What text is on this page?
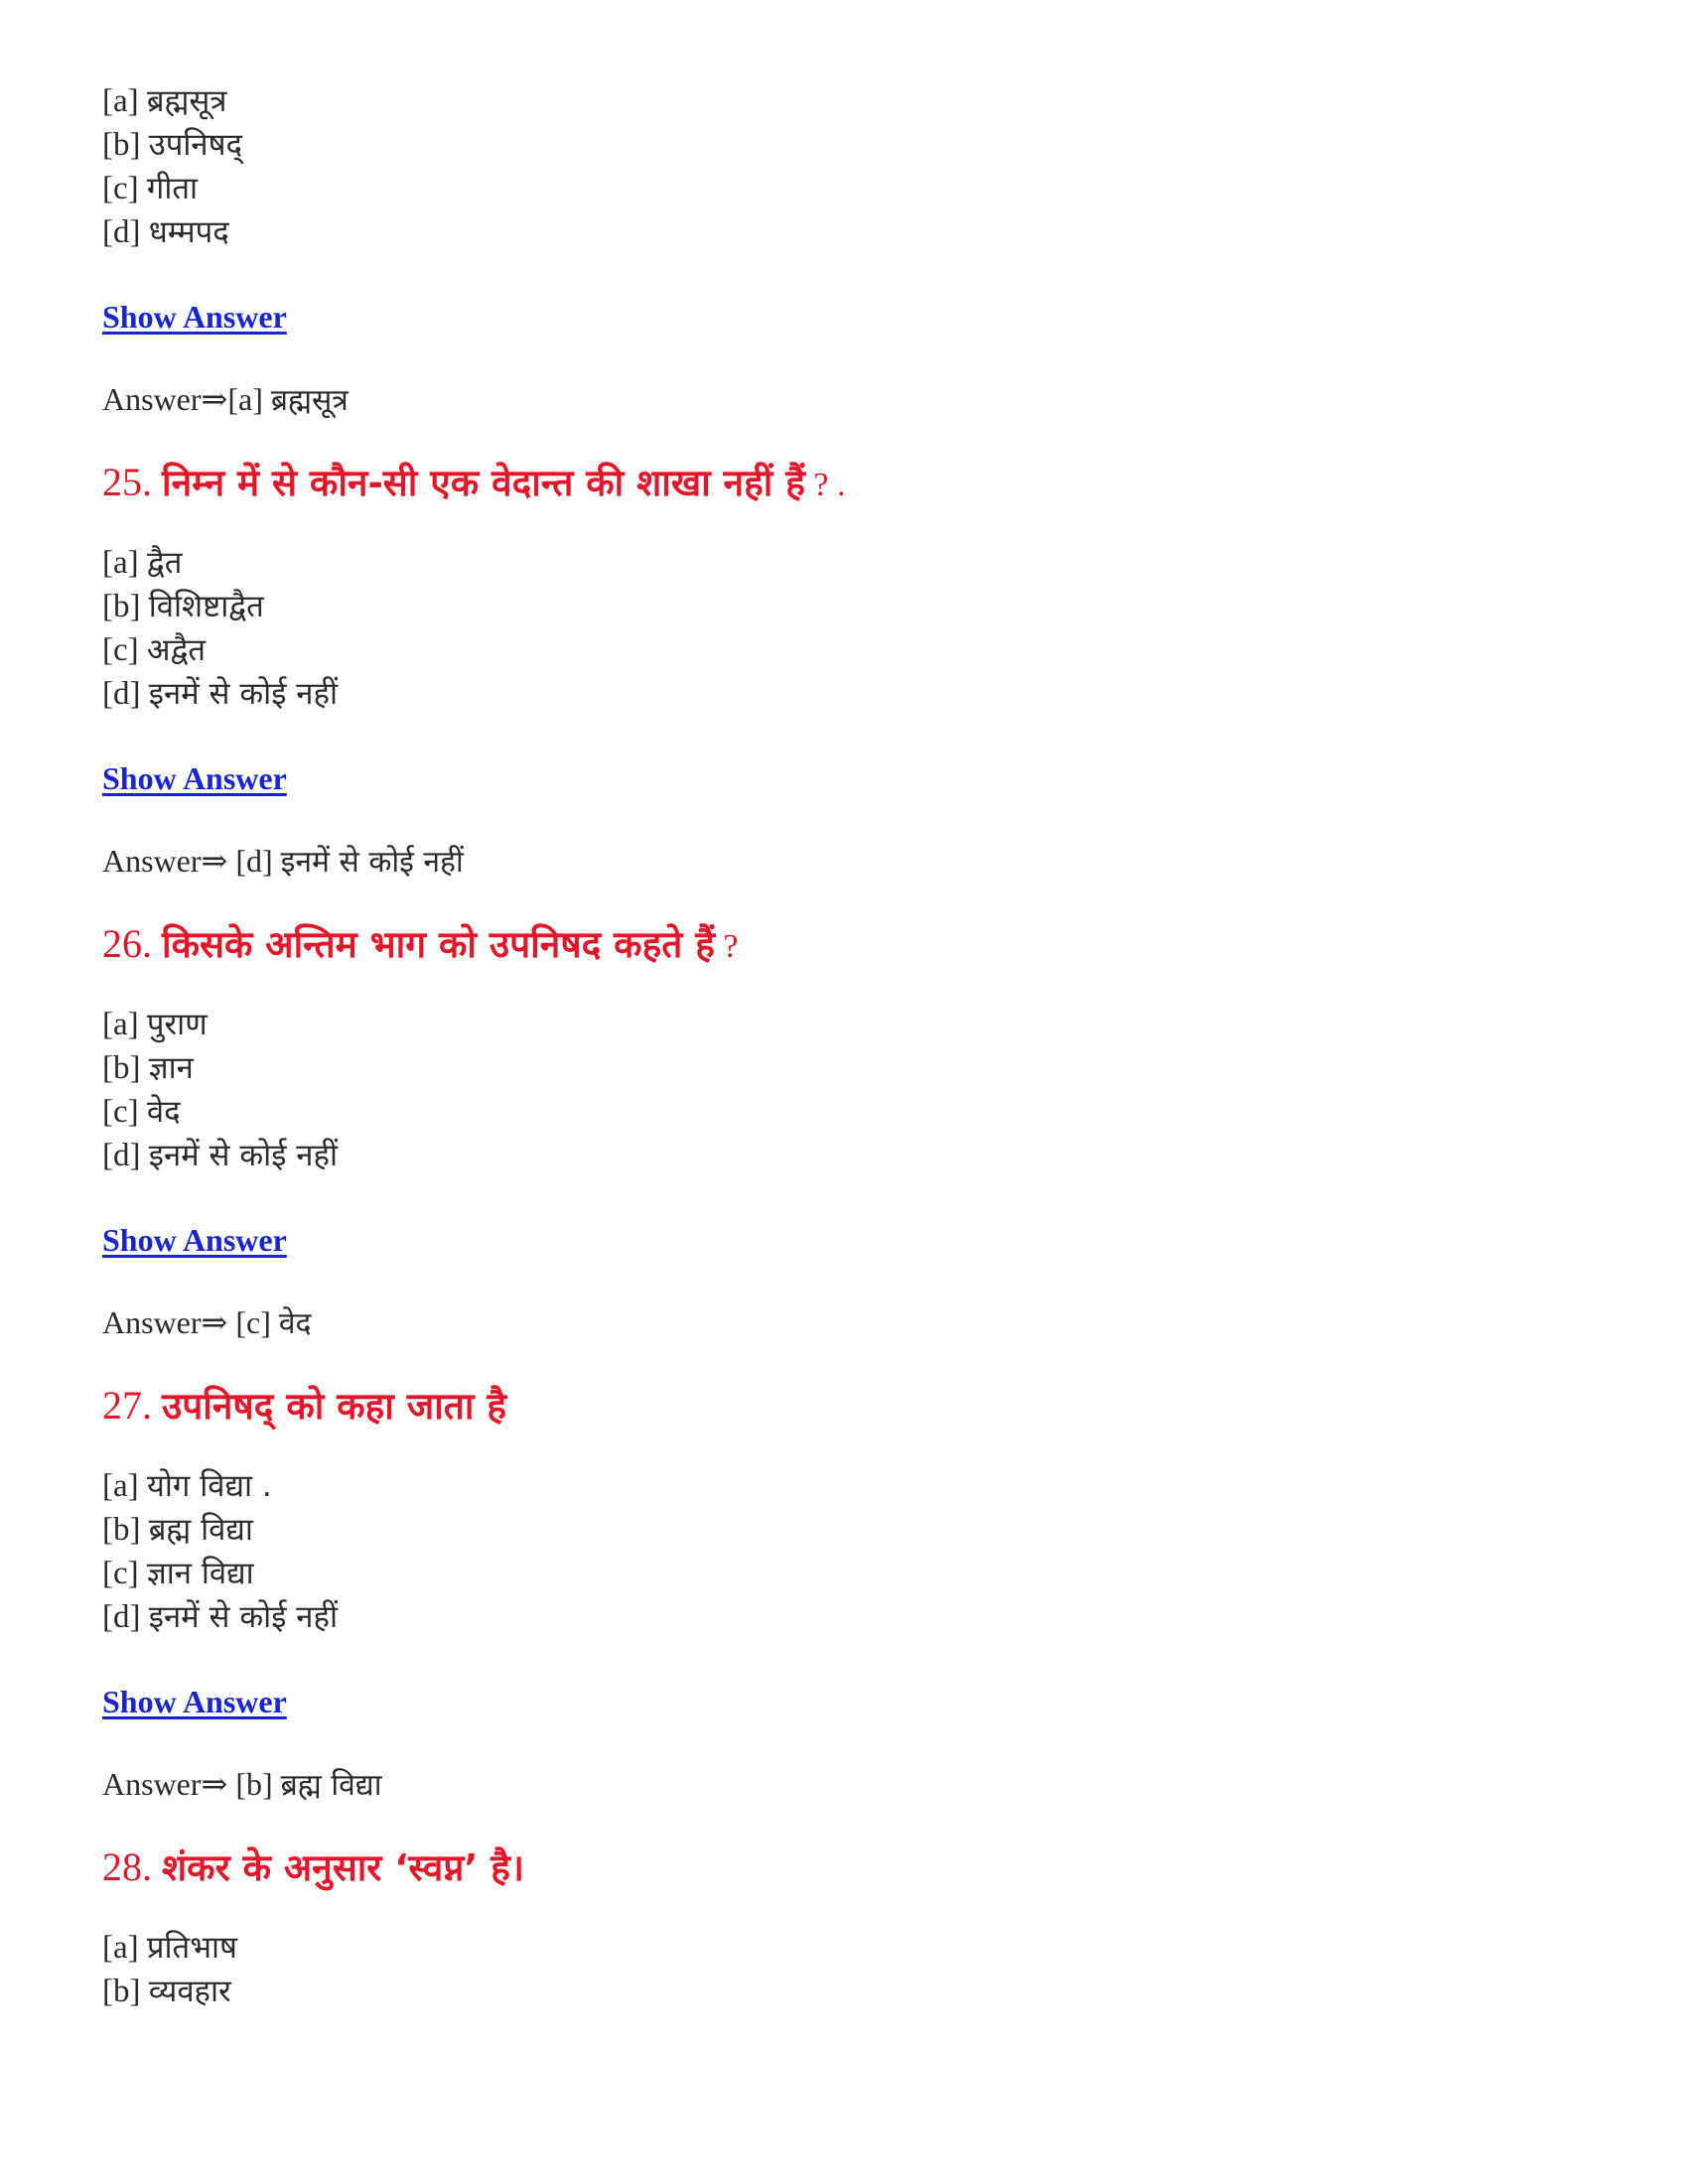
[a] ब्रह्मसूत्र
[b] उपनिषद्
[c] गीता
[d] धम्मपद
Show Answer
Answer⇒[a] ब्रह्मसूत्र
25. निम्न में से कौन-सी एक वेदान्त की शाखा नहीं हैं ? .
[a] द्वैत
[b] विशिष्टाद्वैत
[c] अद्वैत
[d] इनमें से कोई नहीं
Show Answer
Answer⇒ [d] इनमें से कोई नहीं
26. किसके अन्तिम भाग को उपनिषद कहते हैं ?
[a] पुराण
[b] ज्ञान
[c] वेद
[d] इनमें से कोई नहीं
Show Answer
Answer⇒ [c] वेद
27. उपनिषद् को कहा जाता है
[a] योग विद्या .
[b] ब्रह्म विद्या
[c] ज्ञान विद्या
[d] इनमें से कोई नहीं
Show Answer
Answer⇒ [b] ब्रह्म विद्या
28. शंकर के अनुसार ‘स्वप्न’ है।
[a] प्रतिभाष
[b] व्यवहार
